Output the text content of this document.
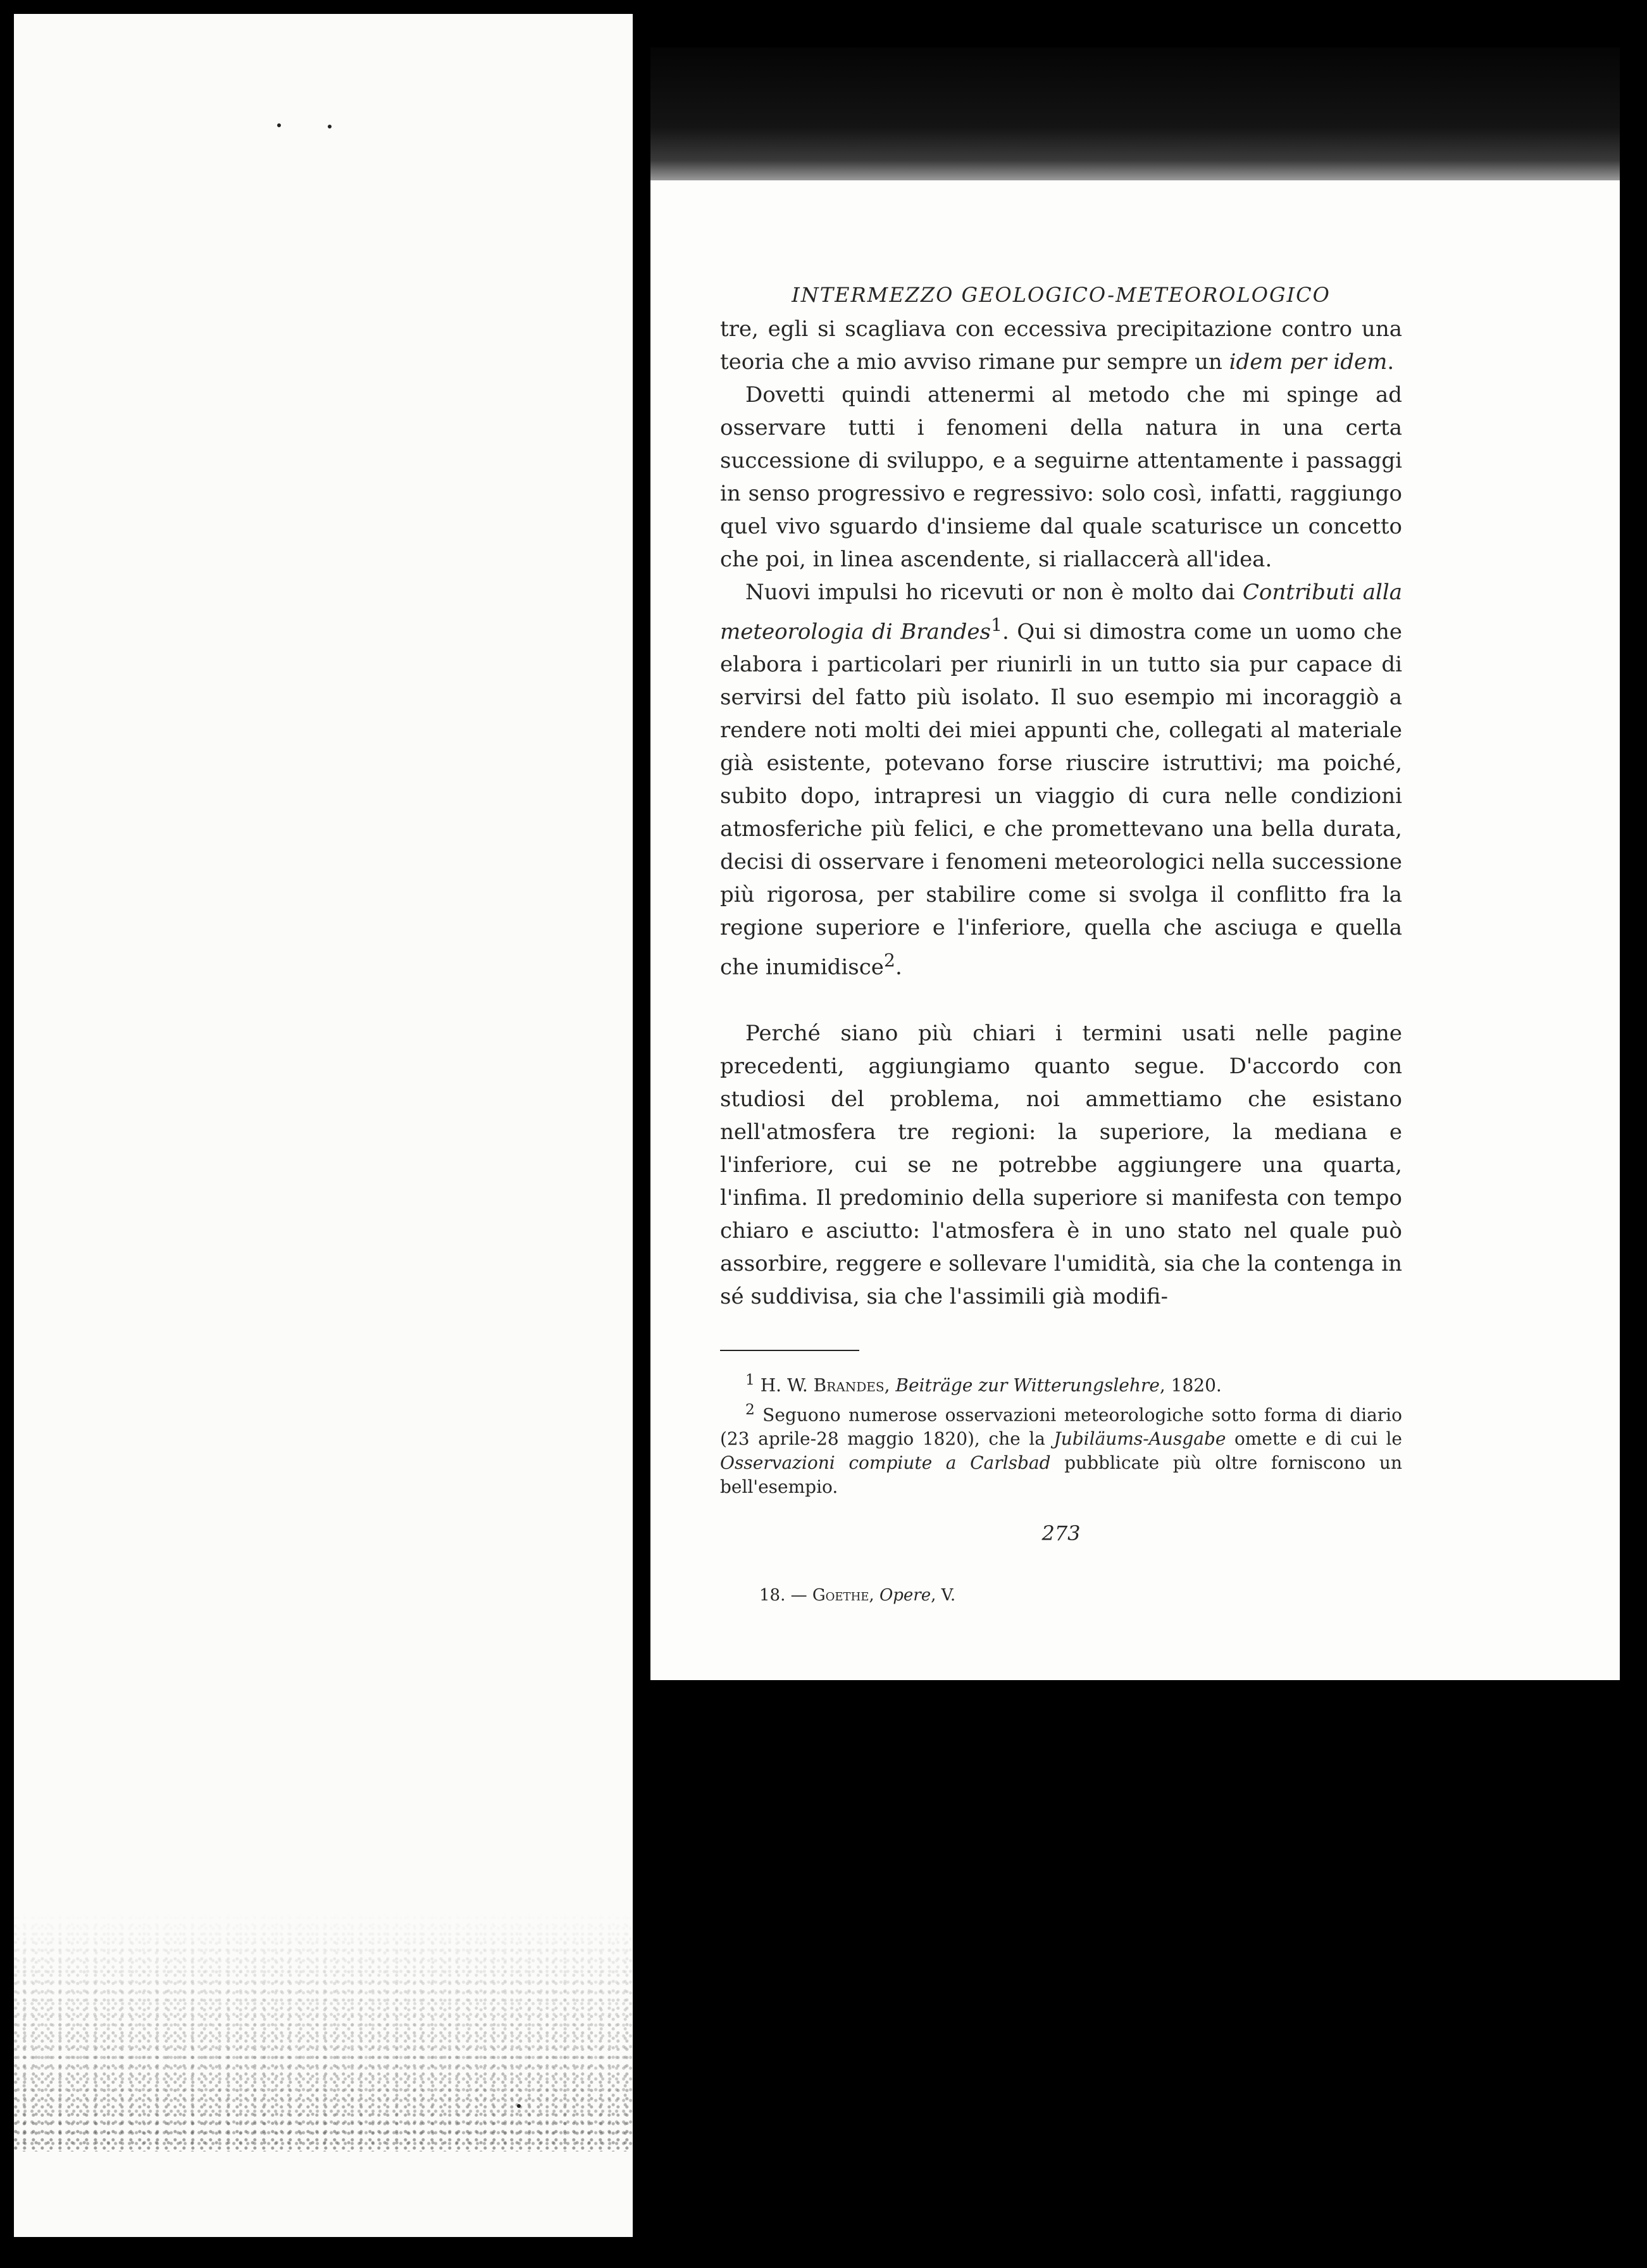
INTERMEZZO GEOLOGICO-METEOROLOGICO

tre, egli si scagliava con eccessiva precipitazione contro una teoria che a mio avviso rimane pur sempre un idem per idem.

Dovetti quindi attenermi al metodo che mi spinge ad osservare tutti i fenomeni della natura in una certa successione di sviluppo, e a seguirne attentamente i passaggi in senso progressivo e regressivo: solo così, infatti, raggiungo quel vivo sguardo d'insieme dal quale scaturisce un concetto che poi, in linea ascendente, si riallaccerà all'idea.

Nuovi impulsi ho ricevuti or non è molto dai Contributi alla meteorologia di Brandes$^1$. Qui si dimostra come un uomo che elabora i particolari per riunirli in un tutto sia pur capace di servirsi del fatto più isolato. Il suo esempio mi incoraggiò a rendere noti molti dei miei appunti che, collegati al materiale già esistente, potevano forse riuscire istruttivi; ma poiché, subito dopo, intrapresi un viaggio di cura nelle condizioni atmosferiche più felici, e che promettevano una bella durata, decisi di osservare i fenomeni meteorologici nella successione più rigorosa, per stabilire come si svolga il conflitto fra la regione superiore e l'inferiore, quella che asciuga e quella che inumidisce$^2$.

Perché siano più chiari i termini usati nelle pagine precedenti, aggiungiamo quanto segue. D'accordo con studiosi del problema, noi ammettiamo che esistano nell'atmosfera tre regioni: la superiore, la mediana e l'inferiore, cui se ne potrebbe aggiungere una quarta, l'infima. Il predominio della superiore si manifesta con tempo chiaro e asciutto: l'atmosfera è in uno stato nel quale può assorbire, reggere e sollevare l'umidità, sia che la contenga in sé suddivisa, sia che l'assimili già modifi-

$^1$ H. W. Brandes, Beiträge zur Witterungslehre, 1820.

$^2$ Seguono numerose osservazioni meteorologiche sotto forma di diario (23 aprile-28 maggio 1820), che la Jubiläums-Ausgabe omette e di cui le Osservazioni compiute a Carlsbad pubblicate più oltre forniscono un bell'esempio.

273
18. — Goethe, Opere, V.
